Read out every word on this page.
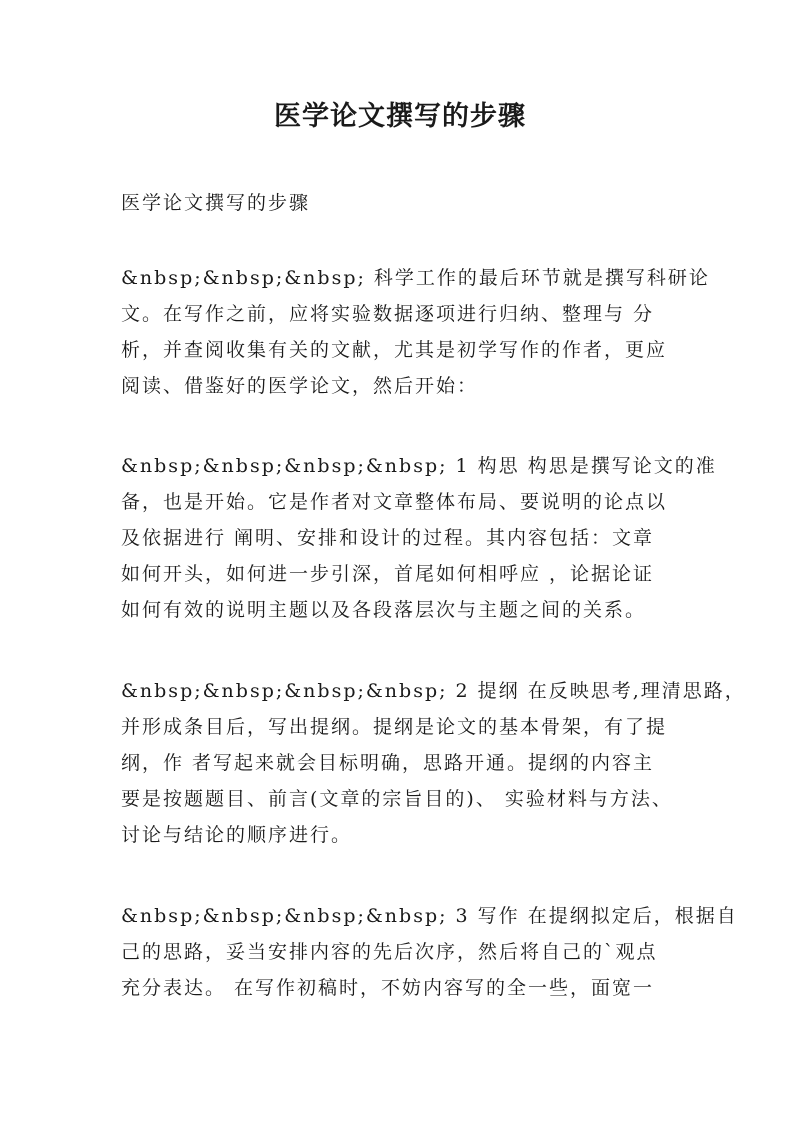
医学论文撰写的步骤

医学论文撰写的步骤

&nbsp;&nbsp;&nbsp; 科学工作的最后环节就是撰写科研论
文。在写作之前，应将实验数据逐项进行归纳、整理与 分
析，并查阅收集有关的文献，尤其是初学写作的作者，更应
阅读、借鉴好的医学论文，然后开始：
&nbsp;&nbsp;&nbsp;&nbsp; 1 构思 构思是撰写论文的准
备，也是开始。它是作者对文章整体布局、要说明的论点以
及依据进行 阐明、安排和设计的过程。其内容包括：文章
如何开头，如何进一步引深，首尾如何相呼应 ，论据论证
如何有效的说明主题以及各段落层次与主题之间的关系。
&nbsp;&nbsp;&nbsp;&nbsp; 2 提纲 在反映思考,理清思路，
并形成条目后，写出提纲。提纲是论文的基本骨架，有了提
纲，作 者写起来就会目标明确，思路开通。提纲的内容主
要是按题题目、前言(文章的宗旨目的)、 实验材料与方法、
讨论与结论的顺序进行。
&nbsp;&nbsp;&nbsp;&nbsp; 3 写作 在提纲拟定后，根据自
己的思路，妥当安排内容的先后次序，然后将自己的`观点
充分表达。 在写作初稿时，不妨内容写的全一些，面宽一
